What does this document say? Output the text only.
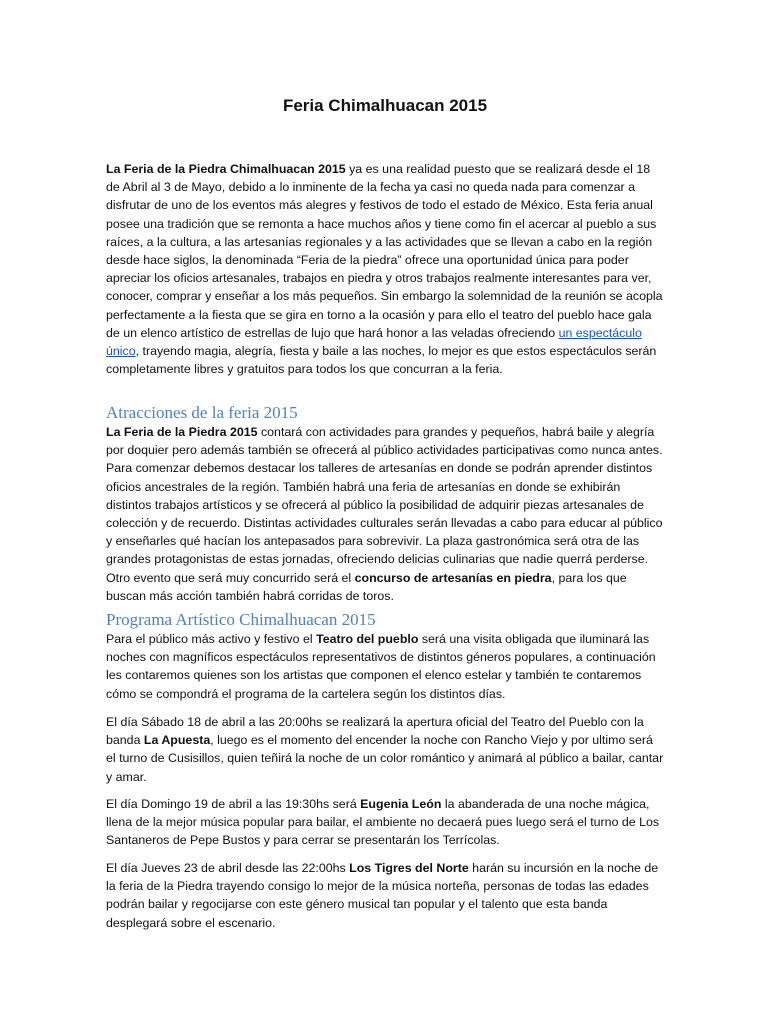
Feria Chimalhuacan 2015

La Feria de la Piedra Chimalhuacan 2015 ya es una realidad puesto que se realizará desde el 18 de Abril al 3 de Mayo, debido a lo inminente de la fecha ya casi no queda nada para comenzar a disfrutar de uno de los eventos más alegres y festivos de todo el estado de México. Esta feria anual posee una tradición que se remonta a hace muchos años y tiene como fin el acercar al pueblo a sus raíces, a la cultura, a las artesanías regionales y a las actividades que se llevan a cabo en la región desde hace siglos, la denominada “Feria de la piedra” ofrece una oportunidad única para poder apreciar los oficios artesanales, trabajos en piedra y otros trabajos realmente interesantes para ver, conocer, comprar y enseñar a los más pequeños. Sin embargo la solemnidad de la reunión se acopla perfectamente a la fiesta que se gira en torno a la ocasión y para ello el teatro del pueblo hace gala de un elenco artístico de estrellas de lujo que hará honor a las veladas ofreciendo un espectáculo único, trayendo magia, alegría, fiesta y baile a las noches, lo mejor es que estos espectáculos serán completamente libres y gratuitos para todos los que concurran a la feria.

Atracciones de la feria 2015

La Feria de la Piedra 2015 contará con actividades para grandes y pequeños, habrá baile y alegría por doquier pero además también se ofrecerá al público actividades participativas como nunca antes. Para comenzar debemos destacar los talleres de artesanías en donde se podrán aprender distintos oficios ancestrales de la región. También habrá una feria de artesanías en donde se exhibirán distintos trabajos artísticos y se ofrecerá al público la posibilidad de adquirir piezas artesanales de colección y de recuerdo. Distintas actividades culturales serán llevadas a cabo para educar al público y enseñarles qué hacían los antepasados para sobrevivir. La plaza gastronómica será otra de las grandes protagonistas de estas jornadas, ofreciendo delicias culinarias que nadie querrá perderse. Otro evento que será muy concurrido será el concurso de artesanías en piedra, para los que buscan más acción también habrá corridas de toros.

Programa Artístico Chimalhuacan 2015

Para el público más activo y festivo el Teatro del pueblo será una visita obligada que iluminará las noches con magníficos espectáculos representativos de distintos géneros populares, a continuación les contaremos quienes son los artistas que componen el elenco estelar y también te contaremos cómo se compondrá el programa de la cartelera según los distintos días.

El día Sábado 18 de abril a las 20:00hs se realizará la apertura oficial del Teatro del Pueblo con la banda La Apuesta, luego es el momento del encender la noche con Rancho Viejo y por ultimo será el turno de Cusisillos, quien teñirá la noche de un color romántico y animará al público a bailar, cantar y amar.

El día Domingo 19 de abril a las 19:30hs será Eugenia León la abanderada de una noche mágica, llena de la mejor música popular para bailar, el ambiente no decaerá pues luego será el turno de Los Santaneros de Pepe Bustos y para cerrar se presentarán los Terrícolas.

El día Jueves 23 de abril desde las 22:00hs Los Tigres del Norte harán su incursión en la noche de la feria de la Piedra trayendo consigo lo mejor de la música norteña, personas de todas las edades podrán bailar y regocijarse con este género musical tan popular y el talento que esta banda desplegará sobre el escenario.
